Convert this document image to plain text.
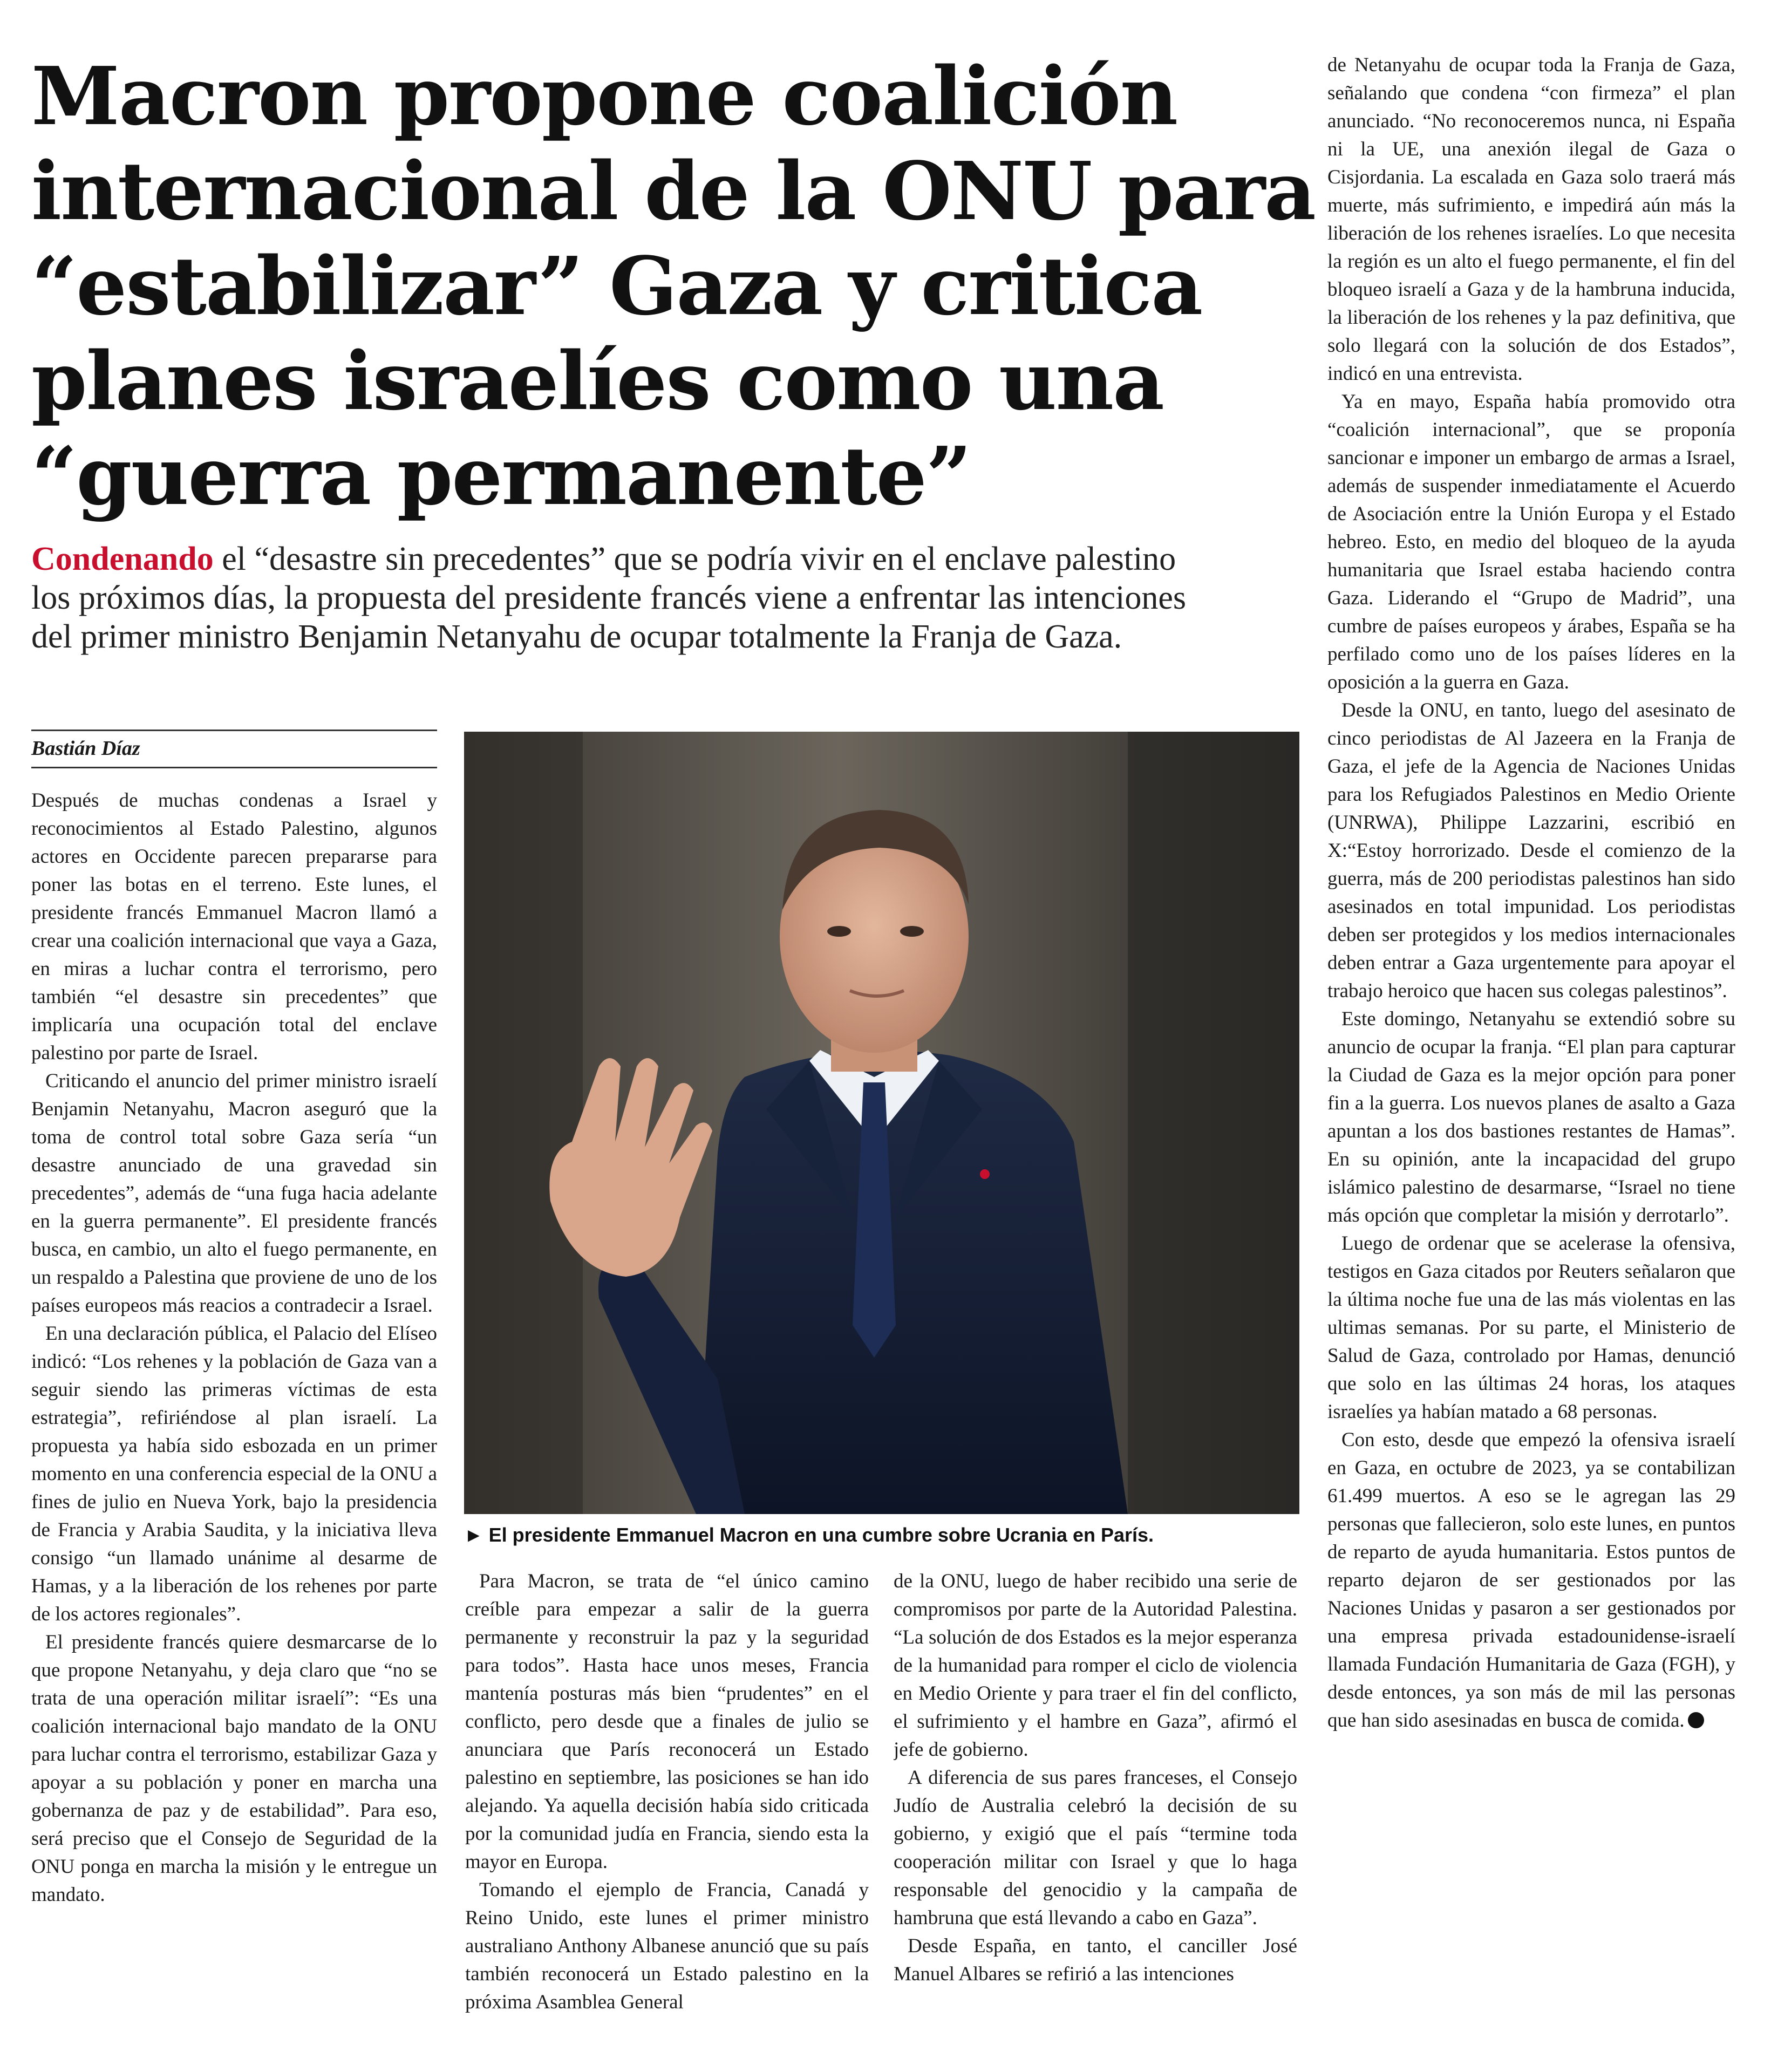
Macron propone coalición
internacional de la ONU para
“estabilizar” Gaza y critica
planes israelíes como una
“guerra permanente”
Condenando el “desastre sin precedentes” que se podría vivir en el enclave palestino
los próximos días, la propuesta del presidente francés viene a enfrentar las intenciones
del primer ministro Benjamin Netanyahu de ocupar totalmente la Franja de Gaza.
Bastián Díaz

Después de muchas condenas a Israel y reconocimientos al Estado Palestino, algunos actores en Occidente parecen prepararse para poner las botas en el terreno. Este lunes, el presidente francés Emmanuel Macron llamó a crear una coalición internacional que vaya a Gaza, en miras a luchar contra el terrorismo, pero también “el desastre sin precedentes” que implicaría una ocupación total del enclave palestino por parte de Israel.

Criticando el anuncio del primer ministro israelí Benjamin Netanyahu, Macron aseguró que la toma de control total sobre Gaza sería “un desastre anunciado de una gravedad sin precedentes”, además de “una fuga hacia adelante en la guerra permanente”. El presidente francés busca, en cambio, un alto el fuego permanente, en un respaldo a Palestina que proviene de uno de los países europeos más reacios a contradecir a Israel.

En una declaración pública, el Palacio del Elíseo indicó: “Los rehenes y la población de Gaza van a seguir siendo las primeras víctimas de esta estrategia”, refiriéndose al plan israelí. La propuesta ya había sido esbozada en un primer momento en una conferencia especial de la ONU a fines de julio en Nueva York, bajo la presidencia de Francia y Arabia Saudita, y la iniciativa lleva consigo “un llamado unánime al desarme de Hamas, y a la liberación de los rehenes por parte de los actores regionales”.

El presidente francés quiere desmarcarse de lo que propone Netanyahu, y deja claro que “no se trata de una operación militar israelí”: “Es una coalición internacional bajo mandato de la ONU para luchar contra el terrorismo, estabilizar Gaza y apoyar a su población y poner en marcha una gobernanza de paz y de estabilidad”. Para eso, será preciso que el Consejo de Seguridad de la ONU ponga en marcha la misión y le entregue un mandato.

► El presidente Emmanuel Macron en una cumbre sobre Ucrania en París.

Para Macron, se trata de “el único camino creíble para empezar a salir de la guerra permanente y reconstruir la paz y la seguridad para todos”. Hasta hace unos meses, Francia mantenía posturas más bien “prudentes” en el conflicto, pero desde que a finales de julio se anunciara que París reconocerá un Estado palestino en septiembre, las posiciones se han ido alejando. Ya aquella decisión había sido criticada por la comunidad judía en Francia, siendo esta la mayor en Europa.

Tomando el ejemplo de Francia, Canadá y Reino Unido, este lunes el primer ministro australiano Anthony Albanese anunció que su país también reconocerá un Estado palestino en la próxima Asamblea General

de la ONU, luego de haber recibido una serie de compromisos por parte de la Autoridad Palestina. “La solución de dos Estados es la mejor esperanza de la humanidad para romper el ciclo de violencia en Medio Oriente y para traer el fin del conflicto, el sufrimiento y el hambre en Gaza”, afirmó el jefe de gobierno.

A diferencia de sus pares franceses, el Consejo Judío de Australia celebró la decisión de su gobierno, y exigió que el país “termine toda cooperación militar con Israel y que lo haga responsable del genocidio y la campaña de hambruna que está llevando a cabo en Gaza”.

Desde España, en tanto, el canciller José Manuel Albares se refirió a las intenciones

de Netanyahu de ocupar toda la Franja de Gaza, señalando que condena “con firmeza” el plan anunciado. “No reconoceremos nunca, ni España ni la UE, una anexión ilegal de Gaza o Cisjordania. La escalada en Gaza solo traerá más muerte, más sufrimiento, e impedirá aún más la liberación de los rehenes israelíes. Lo que necesita la región es un alto el fuego permanente, el fin del bloqueo israelí a Gaza y de la hambruna inducida, la liberación de los rehenes y la paz definitiva, que solo llegará con la solución de dos Estados”, indicó en una entrevista.

Ya en mayo, España había promovido otra “coalición internacional”, que se proponía sancionar e imponer un embargo de armas a Israel, además de suspender inmediatamente el Acuerdo de Asociación entre la Unión Europa y el Estado hebreo. Esto, en medio del bloqueo de la ayuda humanitaria que Israel estaba haciendo contra Gaza. Liderando el “Grupo de Madrid”, una cumbre de países europeos y árabes, España se ha perfilado como uno de los países líderes en la oposición a la guerra en Gaza.

Desde la ONU, en tanto, luego del asesinato de cinco periodistas de Al Jazeera en la Franja de Gaza, el jefe de la Agencia de Naciones Unidas para los Refugiados Palestinos en Medio Oriente (UNRWA), Philippe Lazzarini, escribió en X:“Estoy horrorizado. Desde el comienzo de la guerra, más de 200 periodistas palestinos han sido asesinados en total impunidad. Los periodistas deben ser protegidos y los medios internacionales deben entrar a Gaza urgentemente para apoyar el trabajo heroico que hacen sus colegas palestinos”.

Este domingo, Netanyahu se extendió sobre su anuncio de ocupar la franja. “El plan para capturar la Ciudad de Gaza es la mejor opción para poner fin a la guerra. Los nuevos planes de asalto a Gaza apuntan a los dos bastiones restantes de Hamas”. En su opinión, ante la incapacidad del grupo islámico palestino de desarmarse, “Israel no tiene más opción que completar la misión y derrotarlo”.

Luego de ordenar que se acelerase la ofensiva, testigos en Gaza citados por Reuters señalaron que la última noche fue una de las más violentas en las ultimas semanas. Por su parte, el Ministerio de Salud de Gaza, controlado por Hamas, denunció que solo en las últimas 24 horas, los ataques israelíes ya habían matado a 68 personas.

Con esto, desde que empezó la ofensiva israelí en Gaza, en octubre de 2023, ya se contabilizan 61.499 muertos. A eso se le agregan las 29 personas que fallecieron, solo este lunes, en puntos de reparto de ayuda humanitaria. Estos puntos de reparto dejaron de ser gestionados por las Naciones Unidas y pasaron a ser gestionados por una empresa privada estadounidense-israelí llamada Fundación Humanitaria de Gaza (FGH), y desde entonces, ya son más de mil las personas que han sido asesinadas en busca de comida.
